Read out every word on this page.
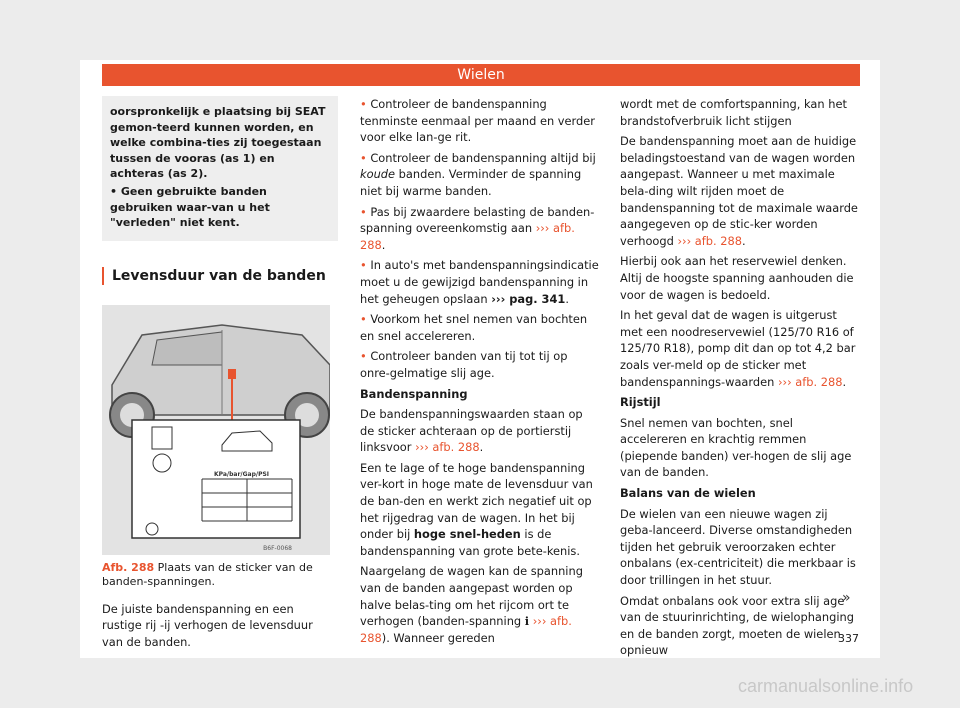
Wielen

oorspronkelijk e plaatsing bij SEAT gemon-teerd kunnen worden, en welke combina-ties zij toegestaan tussen de vooras (as 1) en achteras (as 2).

• Geen gebruikte banden gebruiken waar-van u het "verleden" niet kent.

Levensduur van de banden
KPa/bar/Gap/PSI
B6F-0068
Afb. 288 Plaats van de sticker van de banden-spanningen.

De juiste bandenspanning en een rustige rij -ij verhogen de levensduur van de banden.

• Controleer de bandenspanning tenminste eenmaal per maand en verder voor elke lan-ge rit.

• Controleer de bandenspanning altijd bij koude banden. Verminder de spanning niet bij warme banden.

• Pas bij zwaardere belasting de banden-spanning overeenkomstig aan ››› afb. 288.

• In auto's met bandenspanningsindicatie moet u de gewijzigd bandenspanning in het geheugen opslaan ››› pag. 341.

• Voorkom het snel nemen van bochten en snel accelereren.

• Controleer banden van tij tot tij op onre-gelmatige slij age.

Bandenspanning

De bandenspanningswaarden staan op de sticker achteraan op de portierstij linksvoor ››› afb. 288.

Een te lage of te hoge bandenspanning ver-kort in hoge mate de levensduur van de ban-den en werkt zich negatief uit op het rijgedrag van de wagen. In het bij onder bij hoge snel-heden is de bandenspanning van grote bete-kenis.

Naargelang de wagen kan de spanning van de banden aangepast worden op halve belas-ting om het rijcom ort te verhogen (banden-spanning ℹ ››› afb. 288). Wanneer gereden

wordt met de comfortspanning, kan het brandstofverbruik licht stijgen

De bandenspanning moet aan de huidige beladingstoestand van de wagen worden aangepast. Wanneer u met maximale bela-ding wilt rijden moet de bandenspanning tot de maximale waarde aangegeven op de stic-ker worden verhoogd ››› afb. 288.

Hierbij ook aan het reservewiel denken. Altij de hoogste spanning aanhouden die voor de wagen is bedoeld.

In het geval dat de wagen is uitgerust met een noodreservewiel (125/70 R16 of 125/70 R18), pomp dit dan op tot 4,2 bar zoals ver-meld op de sticker met bandenspannings-waarden ››› afb. 288.

Rijstijl

Snel nemen van bochten, snel accelereren en krachtig remmen (piepende banden) ver-hogen de slij age van de banden.

Balans van de wielen

De wielen van een nieuwe wagen zij geba-lanceerd. Diverse omstandigheden tijden het gebruik veroorzaken echter onbalans (ex-centriciteit) die merkbaar is door trillingen in het stuur.

Omdat onbalans ook voor extra slij age van de stuurinrichting, de wielophanging en de banden zorgt, moeten de wielen opnieuw

»
337
carmanualsonline.info
